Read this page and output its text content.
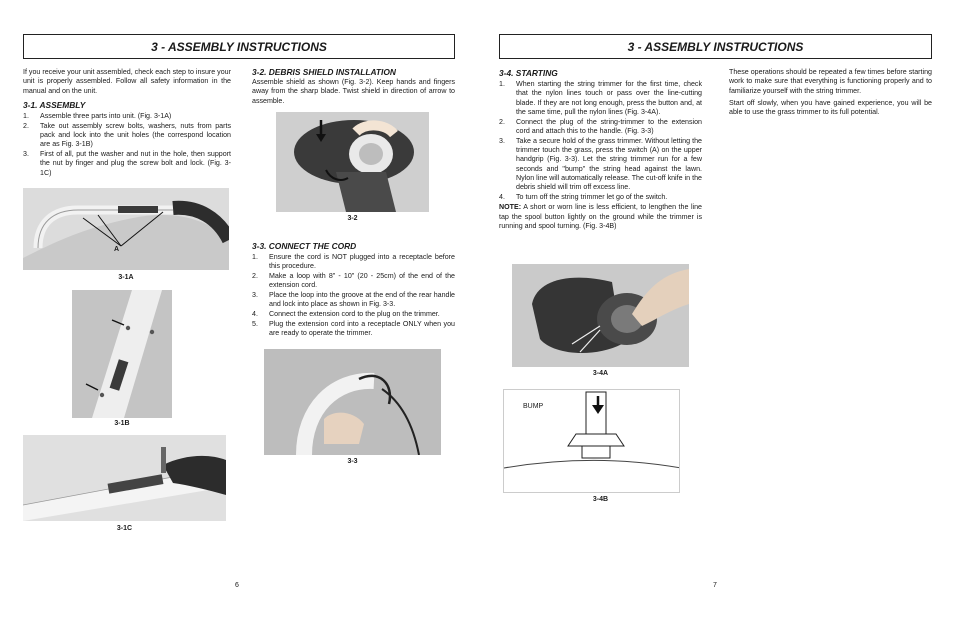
3 - ASSEMBLY INSTRUCTIONS

If you receive your unit assembled, check each step to insure your unit is properly assembled. Follow all safety information in the manual and on the unit.

3-1. ASSEMBLY
1. Assemble three parts into unit. (Fig. 3-1A)
2. Take out assembly screw bolts, washers, nuts from parts pack and lock into the unit holes (the correspond location are as Fig. 3-1B)
3. First of all, put the washer and nut in the hole, then support the nut by finger and plug the screw bolt and lock. (Fig. 3-1C)
A
3-1A
3-1B
3-1C
3-2. DEBRIS SHIELD INSTALLATION

Assemble shield as shown (Fig. 3-2). Keep hands and fingers away from the sharp blade. Twist shield in direction of arrow to assemble.

3-2
3-3. CONNECT THE CORD
1. Ensure the cord is NOT plugged into a receptacle before this procedure.
2. Make a loop with 8" - 10" (20 - 25cm) of the end of the extension cord.
3. Place the loop into the groove at the end of the rear handle and lock into place as shown in Fig. 3-3.
4. Connect the extension cord to the plug on the trimmer.
5. Plug the extension cord into a receptacle ONLY when you are ready to operate the trimmer.
3-3
6
3 - ASSEMBLY INSTRUCTIONS
3-4. STARTING
1. When starting the string trimmer for the first time, check that the nylon lines touch or pass over the line-cutting blade. If they are not long enough, press the button and, at the same time, pull the nylon lines (Fig. 3-4A).
2. Connect the plug of the string-trimmer to the extension cord and attach this to the handle. (Fig. 3-3)
3. Take a secure hold of the grass trimmer. Without letting the trimmer touch the grass, press the switch (A) on the upper handgrip (Fig. 3-3). Let the string trimmer run for a few seconds and "bump" the string head against the lawn. Nylon line will automatically release. The cut-off knife in the debris shield will trim off excess line.
4. To turn off the string trimmer let go of the switch.

NOTE: A short or worn line is less efficient, to lengthen the line tap the spool button lightly on the ground while the trimmer is running and spool turning. (Fig. 3-4B)

3-4A
BUMP
3-4B

These operations should be repeated a few times before starting work to make sure that everything is functioning properly and to familiarize yourself with the string trimmer.

Start off slowly, when you have gained experience, you will be able to use the grass trimmer to its full potential.

7
